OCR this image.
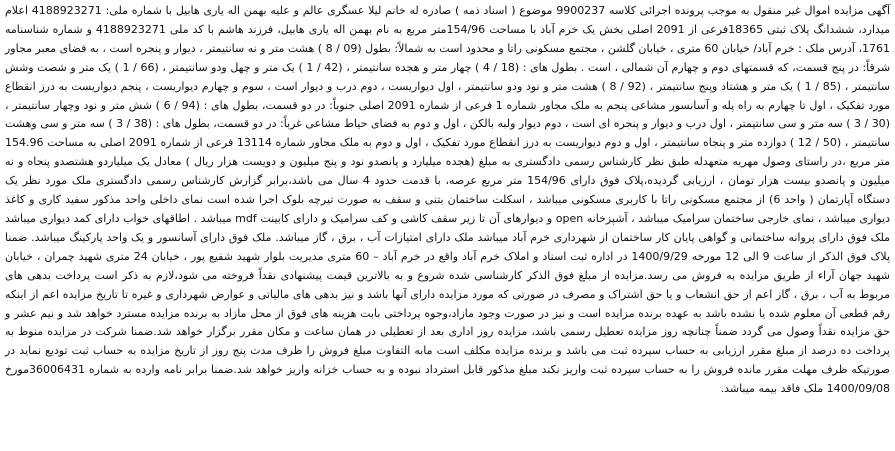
آگهی مزایده اموال غیر منقول به موجب پرونده اجرائی کلاسه 9900237 موضوع ( اسناد ذمه ) صادره له خانم لیلا عسگری عالم و علیه بهمن اله یاری هابیل با شماره ملی: 4188923271 اعلام میدارد، ششدانگ پلاک ثبتی 18365فرعی از 2091 اصلی بخش یک خرم آباد با مساحت 154/96متر مربع به نام بهمن اله یاری هابیل، فرزند هاشم با کد ملی 4188923271 و شماره شناسنامه 1761، آدرس ملک : خرم آباد/ خیابان 60 متری ، خیابان گلشن ، مجتمع مسکونی راتا و محدود است به شمالاً: بطول (09 / 8 ) هشت متر و نه سانتیمتر ، دیوار و پنجره است ، به فضای معبر مجاور شرقاً: در پنج قسمت، که قسمتهای دوم و چهارم آن شمالی ، است . بطول های : (18 / 4 ) چهار متر و هجده سانتیمتر ، (42 / 1 ) یک متر و چهل ودو سانتیمتر ، (66 / 1 ) یک متر و شصت وشش سانتیمتر ، (85 / 1 ) یک متر و هشتاد وپنج سانتیمتر ، (92 / 8 ) هشت متر و نود ودو سانتیمتر ، اول دیواریست ، دوم درب و دیوار است ، سوم و چهارم دیواریست ، پنجم دیواریست به درز انقطاع مورد تفکیک ، اول تا چهارم به راه پله و آسانسور مشاعی پنجم به ملک مجاور شماره 1 فرعی از شماره 2091 اصلی جنوباً: در دو قسمت، بطول های : (94 / 6 ) شش متر و نود وچهار سانتیمتر ، (30 / 3 ) سه متر و سی سانتیمتر ، اول درب و دیوار و پنجره ای است ، دوم دیوار ولبه بالکن ، اول و دوم به فضای حیاط مشاعی غرباً: در دو قسمت، بطول های : (38 / 3 ) سه متر و سی وهشت سانتیمتر ، (50 / 12 ) دوازده متر و پنجاه سانتیمتر ، اول و دوم دیواریست به درز انقطاع مورد تفکیک ، اول و دوم به ملک مجاور شماره 13114 فرعی از شماره 2091 اصلی به مساحت 154.96 متر مربع ،در راستای وصول مهریه متعهدله طبق نظر کارشناس رسمی دادگستری به مبلغ (هجده میلیارد و پانصدو نود و پنج میلیون و دویست هزار ریال ) معادل یک میلیاردو هشتصدو پنجاه و نه میلیون و پانصدو بیست هزار تومان ، ارزیابی گردیده،پلاک فوق دارای 154/96 متر مربع عرصه، با قدمت حدود 4 سال می باشد،برابر گزارش کارشناس رسمی دادگستری ملک مورد نظر یک دستگاه آپارتمان ( واحد 6) از مجتمع مسکونی راتا با کاربری مسکونی میباشد ، اسکلت ساختمان بتنی و سقف به صورت تیرچه بلوک اجرا شده است نمای داخلی واحد مذکور سفید کاری و کاغذ دیواری میباشد ، نمای خارجی ساختمان سرامیک میباشد ، آشپزخانه open و دیوارهای آن تا زیر سقف کاشی و کف سرامیک و دارای کابینت mdf میباشد . اطاقهای خواب دارای کمد دیواری میباشد ملک فوق دارای پروانه ساختمانی و گواهی پایان کار ساختمان از شهرداری خرم آباد میباشد ملک دارای امتیازات آب ، برق ، گاز میباشد. ملک فوق دارای آسانسور و یک واحد پارکینگ میباشد. ضمنا پلاک فوق الذکر از ساعت 9 الی 12 مورخه 1400/9/29 در اداره ثبت اسناد و املاک خرم آباد واقع در خرم آباد – 60 متری مدیریت بلوار شهید شفیع پور ، خیابان 24 متری شهید چمران ، خیابان شهید جهان آراء از طریق مزایده به فروش می رسد.مزایده از مبلغ فوق الذکر کارشناسی شده شروع و به بالاترین قیمت پیشنهادی نقداً فروخته می شود،لازم به ذکر است پرداخت بدهی های مربوط به آب ، برق ، گاز اعم از حق انشعاب و یا حق اشتراک و مصرف در صورتی که مورد مزایده دارای آنها باشد و نیز بدهی های مالیاتی و عوارض شهرداری و غیره تا تاریخ مزایده اعم از اینکه رقم قطعی آن معلوم شده یا نشده باشد به عهده برنده مزایده است و نیز در صورت وجود مازاد،وجوه پرداختی بابت هزینه های فوق از محل مازاد به برنده مزایده مسترد خواهد شد و نیم عشر و حق مزایده نقداً وصول می گردد ضمناً چنانچه روز مزایده تعطیل رسمی باشد، مزایده روز اداری بعد از تعطیلی در همان ساعت و مکان مقرر برگزار خواهد شد.ضمنا شرکت در مزایده منوط به پرداخت ده درصد از مبلغ مقرر ارزیابی به حساب سپرده ثبت می باشد و برنده مزایده مکلف است مابه التفاوت مبلغ فروش را ظرف مدت پنج روز از تاریخ مزایده به حساب ثبت تودیع نماید در صورتیکه ظرف مهلت مقرر مانده فروش را به حساب سپرده ثبت واریز نکند مبلغ مذکور قابل استرداد نبوده و به حساب خزانه واریز خواهد شد.ضمنا برابر نامه وارده به شماره 36006431مورخ 1400/09/08 ملک فاقد بیمه میباشد.
